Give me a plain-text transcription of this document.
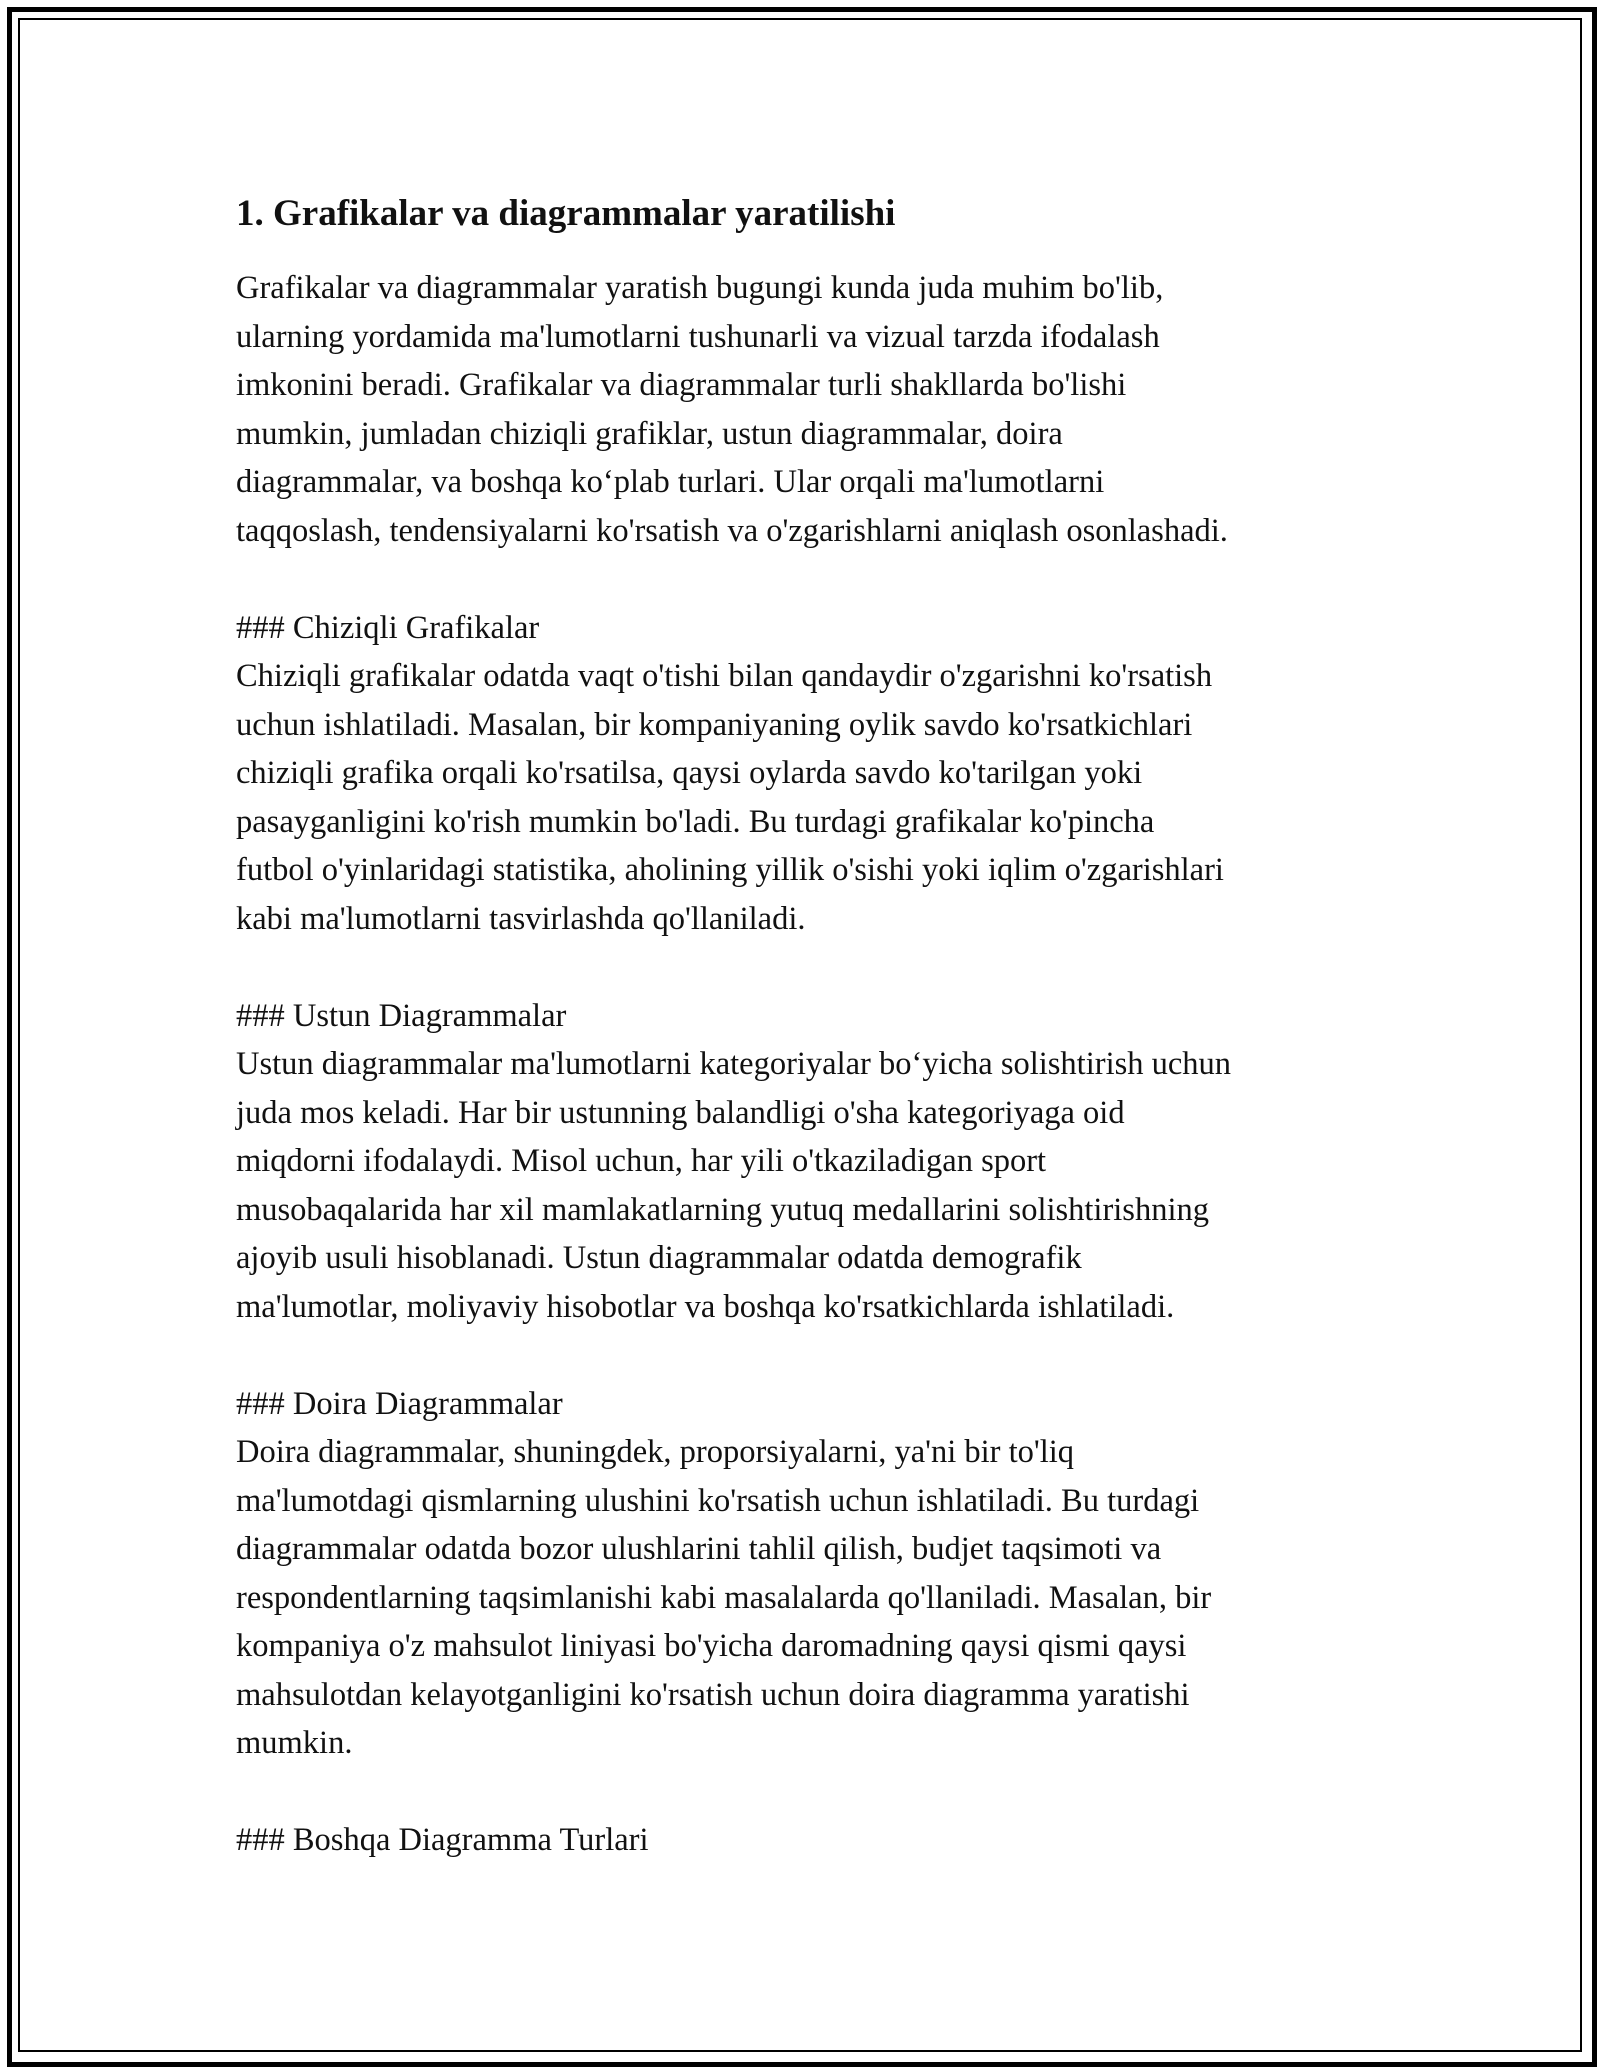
1. Grafikalar va diagrammalar yaratilishi

Grafikalar va diagrammalar yaratish bugungi kunda juda muhim bo'lib,
ularning yordamida ma'lumotlarni tushunarli va vizual tarzda ifodalash
imkonini beradi. Grafikalar va diagrammalar turli shakllarda bo'lishi
mumkin, jumladan chiziqli grafiklar, ustun diagrammalar, doira
diagrammalar, va boshqa ko‘plab turlari. Ular orqali ma'lumotlarni
taqqoslash, tendensiyalarni ko'rsatish va o'zgarishlarni aniqlash osonlashadi.

### Chiziqli Grafikalar

Chiziqli grafikalar odatda vaqt o'tishi bilan qandaydir o'zgarishni ko'rsatish
uchun ishlatiladi. Masalan, bir kompaniyaning oylik savdo ko'rsatkichlari
chiziqli grafika orqali ko'rsatilsa, qaysi oylarda savdo ko'tarilgan yoki
pasayganligini ko'rish mumkin bo'ladi. Bu turdagi grafikalar ko'pincha
futbol o'yinlaridagi statistika, aholining yillik o'sishi yoki iqlim o'zgarishlari
kabi ma'lumotlarni tasvirlashda qo'llaniladi.

### Ustun Diagrammalar

Ustun diagrammalar ma'lumotlarni kategoriyalar bo‘yicha solishtirish uchun
juda mos keladi. Har bir ustunning balandligi o'sha kategoriyaga oid
miqdorni ifodalaydi. Misol uchun, har yili o'tkaziladigan sport
musobaqalarida har xil mamlakatlarning yutuq medallarini solishtirishning
ajoyib usuli hisoblanadi. Ustun diagrammalar odatda demografik
ma'lumotlar, moliyaviy hisobotlar va boshqa ko'rsatkichlarda ishlatiladi.

### Doira Diagrammalar

Doira diagrammalar, shuningdek, proporsiyalarni, ya'ni bir to'liq
ma'lumotdagi qismlarning ulushini ko'rsatish uchun ishlatiladi. Bu turdagi
diagrammalar odatda bozor ulushlarini tahlil qilish, budjet taqsimoti va
respondentlarning taqsimlanishi kabi masalalarda qo'llaniladi. Masalan, bir
kompaniya o'z mahsulot liniyasi bo'yicha daromadning qaysi qismi qaysi
mahsulotdan kelayotganligini ko'rsatish uchun doira diagramma yaratishi
mumkin.

### Boshqa Diagramma Turlari
